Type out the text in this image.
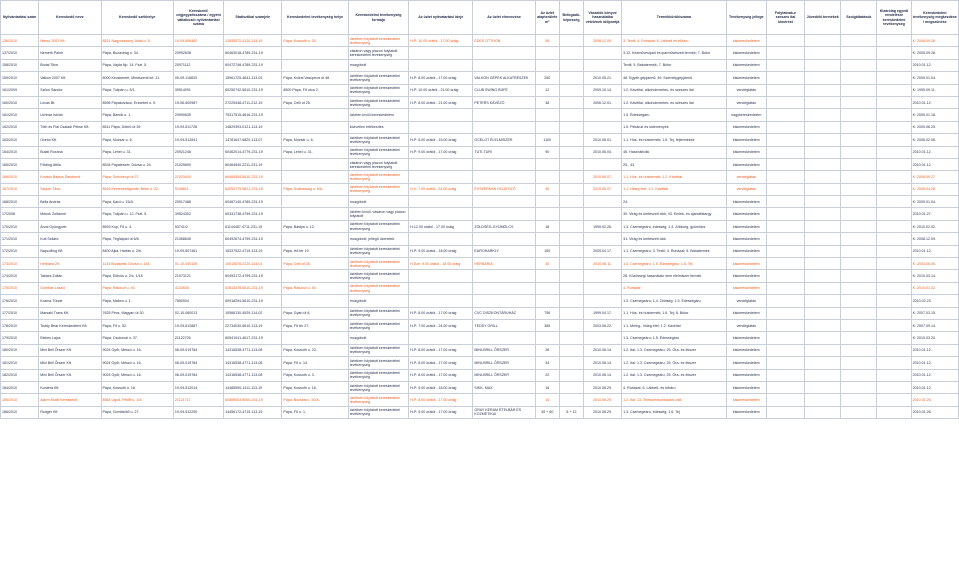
Nyilvántartási szám	Kereskedő neve	Kereskedő székhelye	Kereskedő cégjegyzékszáma / egyéni vállalkozói nyilvántartási száma	Statisztikai számjele	Kereskedelmi tevékenység helye	Kereskedelmi tevékenység formája	Az üzlet nyitvatartási ideje	Az üzlet elnevezése	Az üzlet alapterülete m²	Befogadó-képesség	Vásárlók könyve használatba vételének időpontja	Termékkörök/száma	Tevékenység jellege	Folytatnak-e szeszes ital kimérést	Jövedéki termékek	Szolgáltatások	Kizárólag egyedi rendelésre kereskedelmi tevékenység	Kereskedelmi tevékenység megkezdése / megszűnése
136/2010	Marsó 2002 Kft.	8521 Nagyvázsony, Aldai u. 5.	19-09-506462	12833072-4120-113-19	Pápa, Kossuth u. 30.	üzletben folytatott kereskedelmi tevékenység	H-P: 10.00 órától - 17.00 óráig	ÉDES OTTHON	59		2008.12.09.	3. Textil; 4. Ruházat; 6. Lábbeli és bőráru	kiskereskedelem					K: 2008.09.26.
137/2010	Németh Pálné	Pápa, Buzavirág u. 34.	20992638	60463018-4789-231-19		vásáron vagy piacon folytatott kereskedelmi tevékenység						3.12. Kézművesipari és iparművészeti termék; 7. Bútor	kiskereskedelem					K: 2005.09.28.
158/2010	Bódai Tibor	Pápa, Vajda Np. 14. Fszt. 5.	20971112	60472748-4789-231-19		mozgóbolt						Textil; 5. Babatermék; 7. Bútor	kiskereskedelem					2010.01.12.
159/2010	Valkon 2007 Kft.	6000 Kecskemét, Mindszenti krt. 11.	05-09-116833	15961725-4641-113-03	Pápa, Kvizal Vasúpiros út 48.	üzletben folytatott kereskedelmi tevékenység	H-P: 8.00 órától - 17.00 óráig	VALKON GÉPEK ALKATRÉSZEK	250		2010.05.21.	48. Egyéb gépjármű; 49. Személygépjármű	kiskereskedelem					K: 2009.01.04.
161/2009	Szűcs Sándor	Pápa, Tulipán u. 5/1.	39514091	60250742-5610-231-19	8500 Pápa, Fő utca 2.	üzletben folytatott kereskedelmi tevékenység	H-P: 10.00 órától - 21.00 óráig	CLUB SWING BÜFÉ	12		2009.10.14.	1.2. Kávéital, alkoholmentes- és szeszes ital	vendéglátás					K: 1995.09.11.
160/2010	Lovas Bt.	8596 Pápakovácsi, Erzsébet u. 9.	19-06-500987	27225348-4711-212-19	Pápa, Celli út 25.	üzletben folytatott kereskedelmi tevékenység	H-P: 8.00 órától - 21.00 óráig	PETERS KÁVÉZÓ	38		2006.12.01.	1.2. Kávéital, alkoholmentes- és szeszes ital	vendéglátás					2010.01.12.
161/2010	Uchmiz István	Pápa, Bartók u. 1.	20990635	75317515-4616-231-19		üzleten kívüli kereskedelem						1.5. Édességáru	nagykereskedelem					K: 2005.01.18.
162/2010	Tóth és Fiai Családi Pékse Kft.	8511 Pápa, Döbrö út 39.	19-09-511728	14829393-0121-113-19		közvetlen értékesítés						1.5. Pékáruk és sütemények	kiskereskedelem					K: 2009.06.25.
163/2010	Ocelot Kft.	Pápa, Mozsár u. 6.	19-09-512841	14781647-6820-113-07	Pápa, Mozsár u. 6.	üzletben folytatott kereskedelmi tevékenység	H-P: 5.00 órától - 15.00 óráig	OCELOT ÉLELMISZER	1100		2010.06.01.	1.1. Hús- és hústermék; 1.6. Tej, tejtermékek	kiskereskedelem					K: 2006.02.06.
164/2010	Bulati Roxána	Pápa, Lehel u. 31.	20921246	60462014-4779-231-19	Pápa, Lehel u. 31.	üzletben folytatott kereskedelmi tevékenység	H-P: 9.00 órától - 17.00 óráig	TUTI-TURI	90		2010.06.04.	46. Használtcikk	kiskereskedelem					2010.01.12.
165/2010	Földing Attila	8534 Pápateszér, Dózsa u. 24.	21025690	60464540-2211-231-19		vásáron vagy piacon folytatott kereskedelmi tevékenység						25., 43.	kiskereskedelem					2010.01.12.
166/2010	Kovács Balázs Sándorné	Pápa, Széchenyi út 37.	21023400	66484554-5610-231-19		üzletben folytatott kereskedelmi tevékenység					2010.06.07.	1.1. Hús- és hústermék; 1.2. Kávéital	vendéglátás					K: 2006.09.27.
167/2010	Szuper Tibor	8516 Kemenesőgomár, Béke u. 32.	9108811	64251779-5621-231-18	Pápa, Szabadság u. 5/A.	üzletben folytatott kereskedelmi tevékenység	H-V: 7.00 órától - 24.00 óráig	ÉVSZERKAN FALATOZÓ	40		2010.06.07.	1.1. Hideg étel; 1.2. Kávéital	vendéglátás					K: 2006.04.28.
168/2010	Bella András	Pápa, Kard u. 15/A.	20917488	60467140-4789-231-19		mozgóbolt						24.	kiskereskedelem					K: 2009.01.04.
17/2008	Mónok Zoltánné	Pápa, Tulipán u. 12. Fszt. 5.	39524302	60331738-4799-231-19		üzleten kívüli, vásáron vagy piacon folytatott						30. Virág és kertészeti cikk; 43. Emlék- és ajándéktárgy	kiskereskedelem					2010.01.27.
170/2010	Árvai Gyöngyvér	8593 Kup, Fő u. 4.	53741/2	61144487-4711-231-19	Pápa, Bástya u. 12.	üzletben folytatott kereskedelmi tevékenység	H-12.00 órától - 17.00 óráig	ZÖLDSÉG-GYÜMÖLCS	18		1999.02.26.	1.3. Csemegeáru, édesség; 1.4. Zöldség, gyümölcs	kiskereskedelem					K: 2010.02.02.
171/2010	Kuti Szilárd	Pápa, Tégláipari út 6/6.	21068645	60492674-4799-231-19		mozgóbolt, jellegű üzenetek						31. Virág és kertészeti cikk	kiskereskedelem					K: 2008.12.09.
172/2010	Napcolling Kft.	8400 Ajka, Hárfás u. 2/b.	19-09-507461	15337922-4719-113-19	Pápa, Hő tér 19	üzletben folytatott kereskedelmi tevékenység	H-P: 9.00 órától - 18.00 óráig	EUROHARKLY	150		2009.04.17.	1.1. Csemegeáru; 3. Textil; 4. Ruházat; 5. Babatermék	kiskereskedelem					2010.01.12.
173/2010	Herbária Zrt.	1134 Budapest, Dózsa u. 144.	01-10-040109	10013678-2120-114-01	Pápa, Celli út 35.	üzletben folytatott kereskedelmi tevékenység	H-Sze: 9.00 órától - 18.00 óráig	HERBÁRIA	30		2010.06.11.	1.3. Csemegeáru; 1.5. Édességáru; 1.6. Tej	kiskereskedelem					K: 2003.05.05.
174/2010	Takács Zoltán	Pápa, Eötvös u. 2/c. 1/18	21073121	60493172-4799-231-19		üzletben folytatott kereskedelmi tevékenység						28. Közösségi használatú nem élelmiszer termék	kiskereskedelem					K: 2010.03.14.
175/2010	Gombás László	Pápa, Rákóczi u. 40.	4132635	52813478-5610-231-19	Pápa, Rákóczi u. 40.	üzletben folytatott kereskedelmi tevékenység						4. Ruházat	kiskereskedelem					K: 2010.01.02.
176/2010	Kozma Tünde	Pápa, Malom u. 1.	7850004	60918294-5610-231-19		mozgóbolt						1.3. Csemegeáru; 1.4. Zöldség; 1.5. Édességáru	vendéglátás					2010.02.23.
177/2010	Marsaki Trans Kft.	7625 Pécs, Magyarí út 30.	02-10-060013	10566130-4929-114-02	Pápa, Gyári út 6.	üzletben folytatott kereskedelmi tevékenység	H-P: 8.00 órától - 17.00 óráig	CVC DISZKONTÁRUHÁZ	756		1999.04.17.	1.1. Hús- és hústermék; 1.6. Tej; 8. Bútor	kiskereskedelem					K: 2007.03.15.
178/2010	Teddy Bear Kereskedelmi Kft.	Pápa, Fő u. 52.	19-09-512887	22734030-5610-113-19	Pápa, Fő tér 27.	üzletben folytatott kereskedelmi tevékenység	H-P: 7.00 órától - 24.00 óráig	TEDDY GRILL	385		2003.06.22.	1.1. Meleg-, hideg étel; 1.2. Kávéital	vendéglátás					K: 2007.09.14.
179/2010	Elekes Lajos	Pápa, Csokonai u. 37.	21122726	60541041-4617-231-19		mozgóbolt						1.3. Csemegeáru; 1.5. Édességáru	kiskereskedelem					K: 2010.03.20.
180/2010	Mini Brill Őrszer Kft.	9024 Győr, Mészó u. 16.	08-09-019784	14316538-4771-113-08	Pápa, Kossuth u. 23.	üzletben folytatott kereskedelmi tevékenység	H-P: 8.00 órától - 17.00 óráig	MINI-BRILL ŐRSZER	28		2010.06.14.	1.2. Ital; 1.3. Csemegeáru; 25. Óra- és ékszer	kiskereskedelem					2010.01.12.
181/2010	Mini Brill Őrszer Kft.	9024 Győr, Mészó u. 16.	08-09-019784	14316538-4771-113-08	Pápa, Fő u. 14.	üzletben folytatott kereskedelmi tevékenység	H-P: 8.00 órától - 17.00 óráig	MINI-BRILL ŐRSZER	34		2010.06.14.	1.2. Ital; 1.3. Csemegeáru; 25. Óra- és ékszer	kiskereskedelem					2010.01.12.
182/2010	Mini Brill Őrszer Kft.	9024 Győr, Mészó u. 16.	08-09-019784	14316538-4771-113-08	Pápa, Kossuth u. 3.	üzletben folytatott kereskedelmi tevékenység	H-P: 8.00 órától - 17.00 óráig	MINI-BRILL ŐRSZER	22		2010.06.14.	1.2. Ital; 1.3. Csemegeáru; 25. Óra- és ékszer	kiskereskedelem					2010.01.12.
184/2010	Kordéra Kft.	Pápa, Kossuth u. 16.	19-09-512014	14485590-1411-113-19	Pápa, Kossuth u. 16.	üzletben folytatott kereskedelmi tevékenység	H-P: 9.00 órától - 18.00 óráig	SIKK- MAX	16		2010.06.29.	4. Ruházat; 6. Lábbeli- és bőráru	kiskereskedelem					2010.01.12.
185/2010	Alarm Mobil Kereskedő	8564 Ugod, Petőfi u. 1/4.	21121717	60559003-9000-231-19	Pápa, Bocskai u. 20/A.	üzletben folytatott kereskedelmi tevékenység	H-P: 8.00 órától - 17.00 óráig		15		2010.06.29.	1.2. Ital; 13. Telekommunikációs cikk	kiskereskedelem					2010.01.26.
186/2010	Rodgér Kft.	Pápa, Gombkötő u. 27.	19-09-512290	14456172-4719-113-19	Pápa, Fő u. 1.	üzletben folytatott kereskedelmi tevékenység	H-P: 9.00 órától - 17.00 óráig	GRAY KERAM ÉTELBÁR ÉS KOZMETIKAI	45 + 60	8 + 12	2010.06.29.	1.3. Csemegeáru, édesség; 1.6. Tej	kiskereskedelem					2010.01.26.
